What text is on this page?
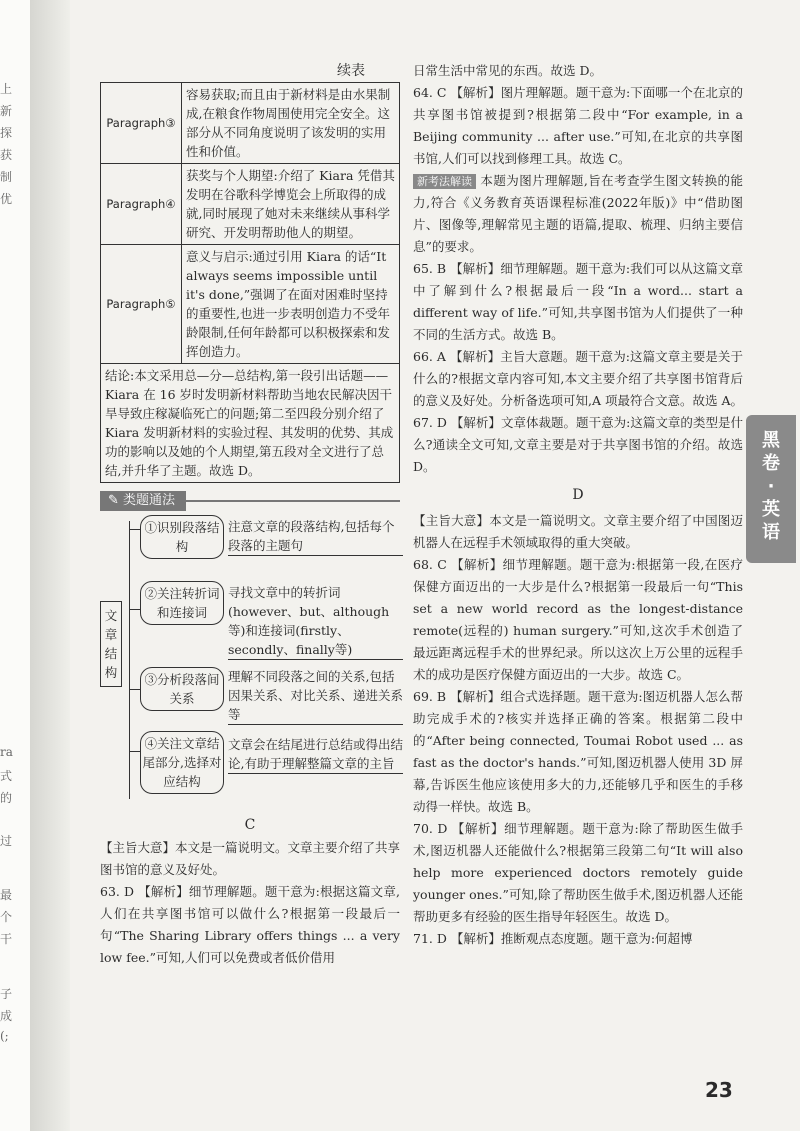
上
新
探
获
制
优
ra
式
的
过
最
个
干
子
成
(;
黑
卷
·
英
语
续表
Paragraph③	容易获取;而且由于新材料是由水果制成,在粮食作物周围使用完全安全。这部分从不同角度说明了该发明的实用性和价值。
Paragraph④	获奖与个人期望:介绍了 Kiara 凭借其发明在谷歌科学博览会上所取得的成就,同时展现了她对未来继续从事科学研究、开发明帮助他人的期望。
Paragraph⑤	意义与启示:通过引用 Kiara 的话“It always seems impossible until it's done,”强调了在面对困难时坚持的重要性,也进一步表明创造力不受年龄限制,任何年龄都可以积极探索和发挥创造力。
结论:本文采用总—分—总结构,第一段引出话题——Kiara 在 16 岁时发明新材料帮助当地农民解决因干旱导致庄稼凝临死亡的问题;第二至四段分别介绍了 Kiara 发明新材料的实验过程、其发明的优势、其成功的影响以及她的个人期望,第五段对全文进行了总结,并升华了主题。故选 D。	
✎ 类题通法
文章结构
①识别段落结构
注意文章的段落结构,包括每个段落的主题句
②关注转折词和连接词
寻找文章中的转折词(however、but、although等)和连接词(firstly、secondly、finally等)
③分析段落间关系
理解不同段落之间的关系,包括因果关系、对比关系、递进关系等
④关注文章结尾部分,选择对应结构
文章会在结尾进行总结或得出结论,有助于理解整篇文章的主旨
C

【主旨大意】本文是一篇说明文。文章主要介绍了共享图书馆的意义及好处。

63. D 【解析】细节理解题。题干意为:根据这篇文章,人们在共享图书馆可以做什么?根据第一段最后一句“The Sharing Library offers things ... a very low fee.”可知,人们可以免费或者低价借用

日常生活中常见的东西。故选 D。

64. C 【解析】图片理解题。题干意为:下面哪一个在北京的共享图书馆被提到?根据第二段中“For example, in a Beijing community ... after use.”可知,在北京的共享图书馆,人们可以找到修理工具。故选 C。

新考法解读 本题为图片理解题,旨在考查学生图文转换的能力,符合《义务教育英语课程标准(2022年版)》中“借助图片、图像等,理解常见主题的语篇,提取、梳理、归纳主要信息”的要求。

65. B 【解析】细节理解题。题干意为:我们可以从这篇文章中了解到什么?根据最后一段“In a word... start a different way of life.”可知,共享图书馆为人们提供了一种不同的生活方式。故选 B。

66. A 【解析】主旨大意题。题干意为:这篇文章主要是关于什么的?根据文章内容可知,本文主要介绍了共享图书馆背后的意义及好处。分析备选项可知,A 项最符合文意。故选 A。

67. D 【解析】文章体裁题。题干意为:这篇文章的类型是什么?通读全文可知,文章主要是对于共享图书馆的介绍。故选 D。

D

【主旨大意】本文是一篇说明文。文章主要介绍了中国图迈机器人在远程手术领域取得的重大突破。

68. C 【解析】细节理解题。题干意为:根据第一段,在医疗保健方面迈出的一大步是什么?根据第一段最后一句“This set a new world record as the longest-distance remote(远程的) human surgery.”可知,这次手术创造了最远距离远程手术的世界纪录。所以这次上万公里的远程手术的成功是医疗保健方面迈出的一大步。故选 C。

69. B 【解析】组合式选择题。题干意为:图迈机器人怎么帮助完成手术的?核实并选择正确的答案。根据第二段中的“After being connected, Toumai Robot used ... as fast as the doctor's hands.”可知,图迈机器人使用 3D 屏幕,告诉医生他应该使用多大的力,还能够几乎和医生的手移动得一样快。故选 B。

70. D 【解析】细节理解题。题干意为:除了帮助医生做手术,图迈机器人还能做什么?根据第三段第二句“It will also help more experienced doctors remotely guide younger ones.”可知,除了帮助医生做手术,图迈机器人还能帮助更多有经验的医生指导年轻医生。故选 D。

71. D 【解析】推断观点态度题。题干意为:何超博

23
